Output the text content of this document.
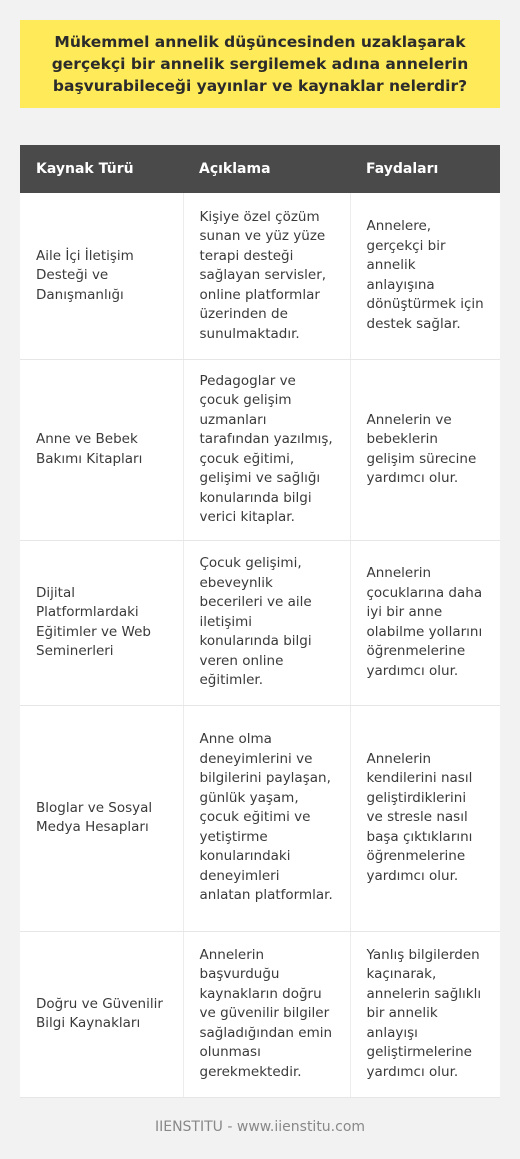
Mükemmel annelik düşüncesinden uzaklaşarak gerçekçi bir annelik sergilemek adına annelerin başvurabileceği yayınlar ve kaynaklar nelerdir?
Kaynak Türü	Açıklama	Faydaları
Aile İçi İletişim Desteği ve Danışmanlığı	Kişiye özel çözüm sunan ve yüz yüze terapi desteği sağlayan servisler, online platformlar üzerinden de sunulmaktadır.	Annelere, gerçekçi bir annelik anlayışına dönüştürmek için destek sağlar.
Anne ve Bebek Bakımı Kitapları	Pedagoglar ve çocuk gelişim uzmanları tarafından yazılmış, çocuk eğitimi, gelişimi ve sağlığı konularında bilgi verici kitaplar.	Annelerin ve bebeklerin gelişim sürecine yardımcı olur.
Dijital Platformlardaki Eğitimler ve Web Seminerleri	Çocuk gelişimi, ebeveynlik becerileri ve aile iletişimi konularında bilgi veren online eğitimler.	Annelerin çocuklarına daha iyi bir anne olabilme yollarını öğrenmelerine yardımcı olur.
Bloglar ve Sosyal Medya Hesapları	Anne olma deneyimlerini ve bilgilerini paylaşan, günlük yaşam, çocuk eğitimi ve yetiştirme konularındaki deneyimleri anlatan platformlar.	Annelerin kendilerini nasıl geliştirdiklerini ve stresle nasıl başa çıktıklarını öğrenmelerine yardımcı olur.
Doğru ve Güvenilir Bilgi Kaynakları	Annelerin başvurduğu kaynakların doğru ve güvenilir bilgiler sağladığından emin olunması gerekmektedir.	Yanlış bilgilerden kaçınarak, annelerin sağlıklı bir annelik anlayışı geliştirmelerine yardımcı olur.
IIENSTITU - www.iienstitu.com
